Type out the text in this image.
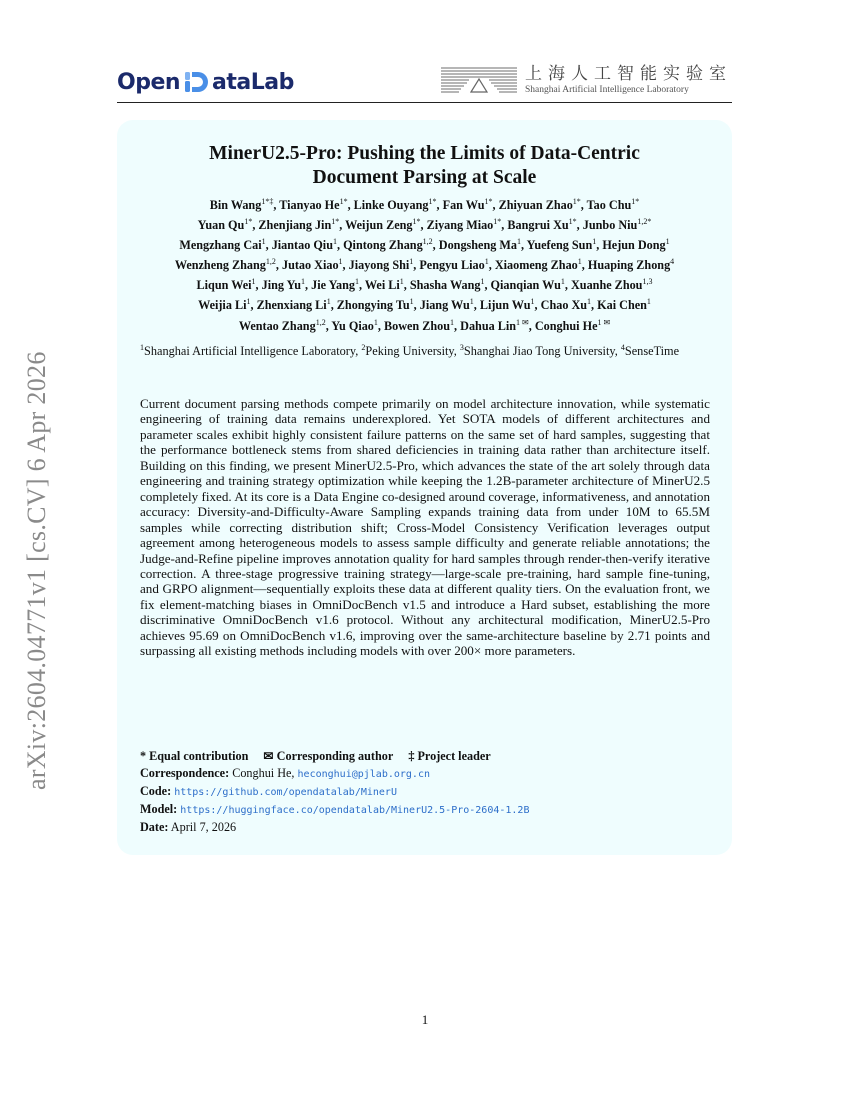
Open ataLab	上海人工智能实验室
Shanghai Artificial Intelligence Laboratory
arXiv:2604.04771v1 [cs.CV] 6 Apr 2026
MinerU2.5-Pro: Pushing the Limits of Data-Centric
Document Parsing at Scale
Bin Wang$^{1*\ddagger}$, Tianyao $He^{1*}$, Linke Ouyang$^{1*}$, Fan $Wu^{1*}$, Zhiyuan Zhao$^{1*}$, Tao Chu$^{1*}$
Yuan $Qu^{1*}$, Zhenjiang Jin$^{1*}$, Weijun Zeng$^{1*}$, Ziyang Miao$^{1*}$, Bangrui $Xu^{1*}$, Junbo Niu$^{1,2*}$
Mengzhang Cai$^1$, Jiantao Qiu$^1$, Qintong Zhang$^{1,2}$, Dongsheng Ma$^1$, Yuefeng Sun$^1$, Hejun Dong$^1$
Wenzheng Zhang$^{1,2}$, Jutao Xiao$^1$, Jiayong Shi$^1$, Pengyu Liao$^1$, Xiaomeng Zhao$^1$, Huaping Zhong$^4$
Liqun Wei$^1$, Jing Yu$^1$, Jie Yang$^1$, Wei Li$^1$, Shasha Wang$^1$, Qianqian Wu$^1$, Xuanhe Zhou$^{1,3}$
Weijia Li$^1$, Zhenxiang Li$^1$, Zhongying Tu$^1$, Jiang Wu$^1$, Lijun Wu$^1$, Chao Xu$^1$, Kai Chen$^1$
Wentao Zhang$^{1,2}$, Yu Qiao$^1$, Bowen Zhou$^1$, Dahua Lin$^{1 ✉}$, Conghui $He^{1 ✉}$
$^1$Shanghai Artificial Intelligence Laboratory, $^2$Peking University, $^3$Shanghai Jiao Tong University, $^4$SenseTime
Current document parsing methods compete primarily on model architecture innovation, while systematic engineering of training data remains underexplored. Yet SOTA models of different architectures and parameter scales exhibit highly consistent failure patterns on the same set of hard samples, suggesting that the performance bottleneck stems from shared deficiencies in training data rather than architecture itself. Building on this finding, we present MinerU2.5-Pro, which advances the state of the art solely through data engineering and training strategy optimization while keeping the 1.2B-parameter architecture of MinerU2.5 completely fixed. At its core is a Data Engine co-designed around coverage, informativeness, and annotation accuracy: Diversity-and-Difficulty-Aware Sampling expands training data from under 10M to 65.5M samples while correcting distribution shift; Cross-Model Consistency Verification leverages output agreement among heterogeneous models to assess sample difficulty and generate reliable annotations; the Judge-and-Refine pipeline improves annotation quality for hard samples through render-then-verify iterative correction. A three-stage progressive training strategy—large-scale pre-training, hard sample fine-tuning, and GRPO alignment—sequentially exploits these data at different quality tiers. On the evaluation front, we fix element-matching biases in OmniDocBench v1.5 and introduce a Hard subset, establishing the more discriminative OmniDocBench v1.6 protocol. Without any architectural modification, MinerU2.5-Pro achieves 95.69 on OmniDocBench v1.6, improving over the same-architecture baseline by 2.71 points and surpassing all existing methods including models with over 200× more parameters.
* Equal contribution ✉ Corresponding author ‡ Project leader
Correspondence: Conghui He, heconghui@pjlab.org.cn
Code: https://github.com/opendatalab/MinerU
Model: https://huggingface.co/opendatalab/MinerU2.5-Pro-2604-1.2B
Date: April 7, 2026
1
